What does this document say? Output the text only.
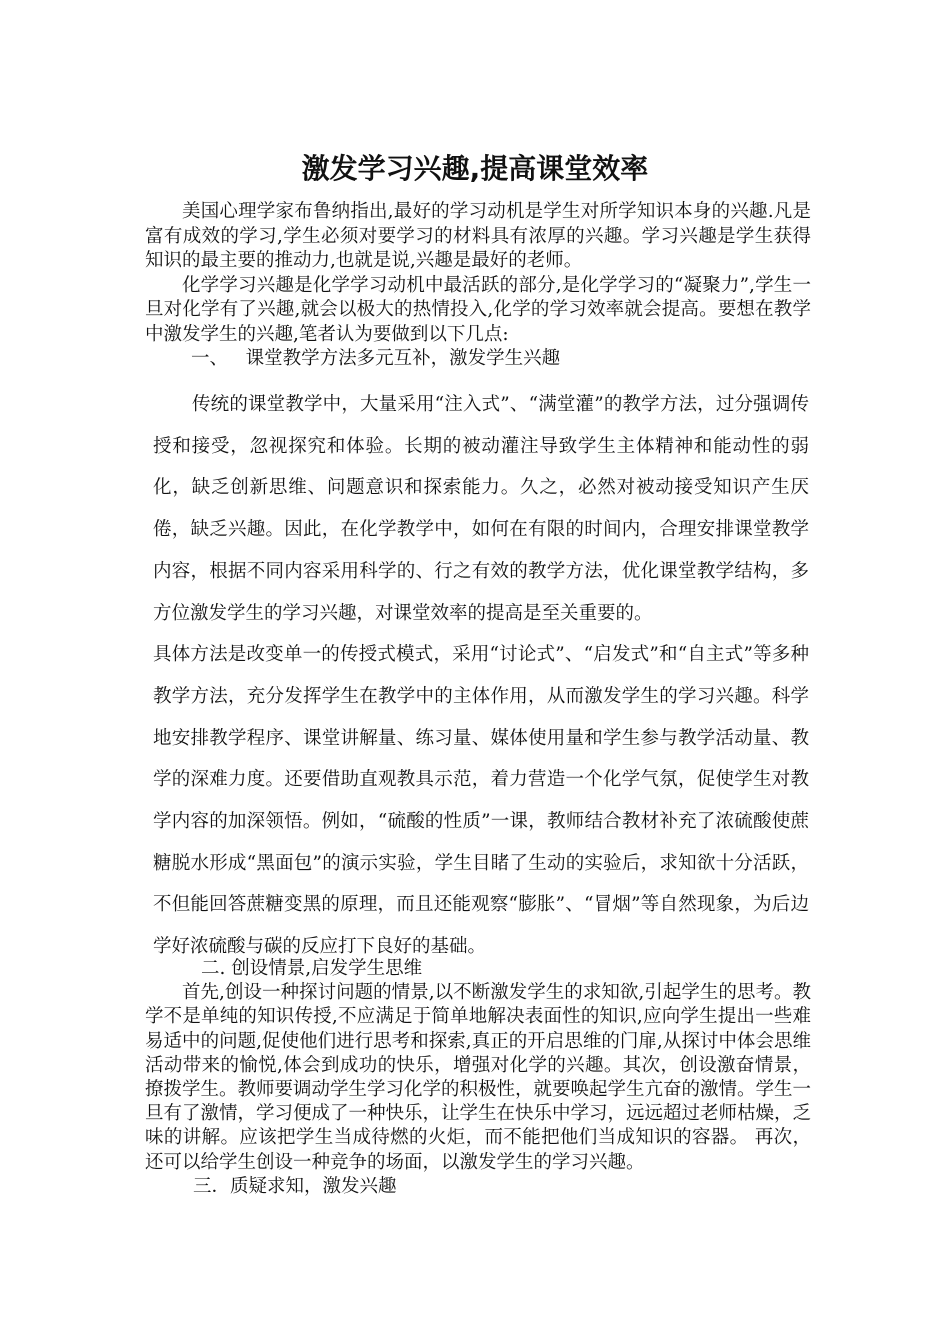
激发学习兴趣,提高课堂效率

美国心理学家布鲁纳指出,最好的学习动机是学生对所学知识本身的兴趣.凡是富有成效的学习,学生必须对要学习的材料具有浓厚的兴趣。学习兴趣是学生获得知识的最主要的推动力,也就是说,兴趣是最好的老师。

化学学习兴趣是化学学习动机中最活跃的部分,是化学学习的“凝聚力”,学生一旦对化学有了兴趣,就会以极大的热情投入,化学的学习效率就会提高。要想在教学中激发学生的兴趣,笔者认为要做到以下几点:

一、   课堂教学方法多元互补，激发学生兴趣

传统的课堂教学中，大量采用“注入式”、“满堂灌”的教学方法，过分强调传授和接受，忽视探究和体验。长期的被动灌注导致学生主体精神和能动性的弱化，缺乏创新思维、问题意识和探索能力。久之，必然对被动接受知识产生厌倦，缺乏兴趣。因此，在化学教学中，如何在有限的时间内，合理安排课堂教学内容，根据不同内容采用科学的、行之有效的教学方法，优化课堂教学结构，多方位激发学生的学习兴趣，对课堂效率的提高是至关重要的。

具体方法是改变单一的传授式模式，采用“讨论式”、“启发式”和“自主式”等多种教学方法，充分发挥学生在教学中的主体作用，从而激发学生的学习兴趣。科学地安排教学程序、课堂讲解量、练习量、媒体使用量和学生参与教学活动量、教学的深难力度。还要借助直观教具示范，着力营造一个化学气氛，促使学生对教学内容的加深领悟。例如，“硫酸的性质”一课，教师结合教材补充了浓硫酸使蔗糖脱水形成“黑面包”的演示实验，学生目睹了生动的实验后，求知欲十分活跃，不但能回答蔗糖变黑的原理，而且还能观察“膨胀”、“冒烟”等自然现象，为后边学好浓硫酸与碳的反应打下良好的基础。

二. 创设情景,启发学生思维

首先,创设一种探讨问题的情景,以不断激发学生的求知欲,引起学生的思考。教学不是单纯的知识传授,不应满足于简单地解决表面性的知识,应向学生提出一些难易适中的问题,促使他们进行思考和探索,真正的开启思维的门扉,从探讨中体会思维活动带来的愉悦,体会到成功的快乐，增强对化学的兴趣。其次，创设激奋情景，撩拨学生。教师要调动学生学习化学的积极性，就要唤起学生亢奋的激情。学生一旦有了激情，学习便成了一种快乐，让学生在快乐中学习，远远超过老师枯燥，乏味的讲解。应该把学生当成待燃的火炬，而不能把他们当成知识的容器。 再次，还可以给学生创设一种竞争的场面，以激发学生的学习兴趣。

三．质疑求知，激发兴趣
